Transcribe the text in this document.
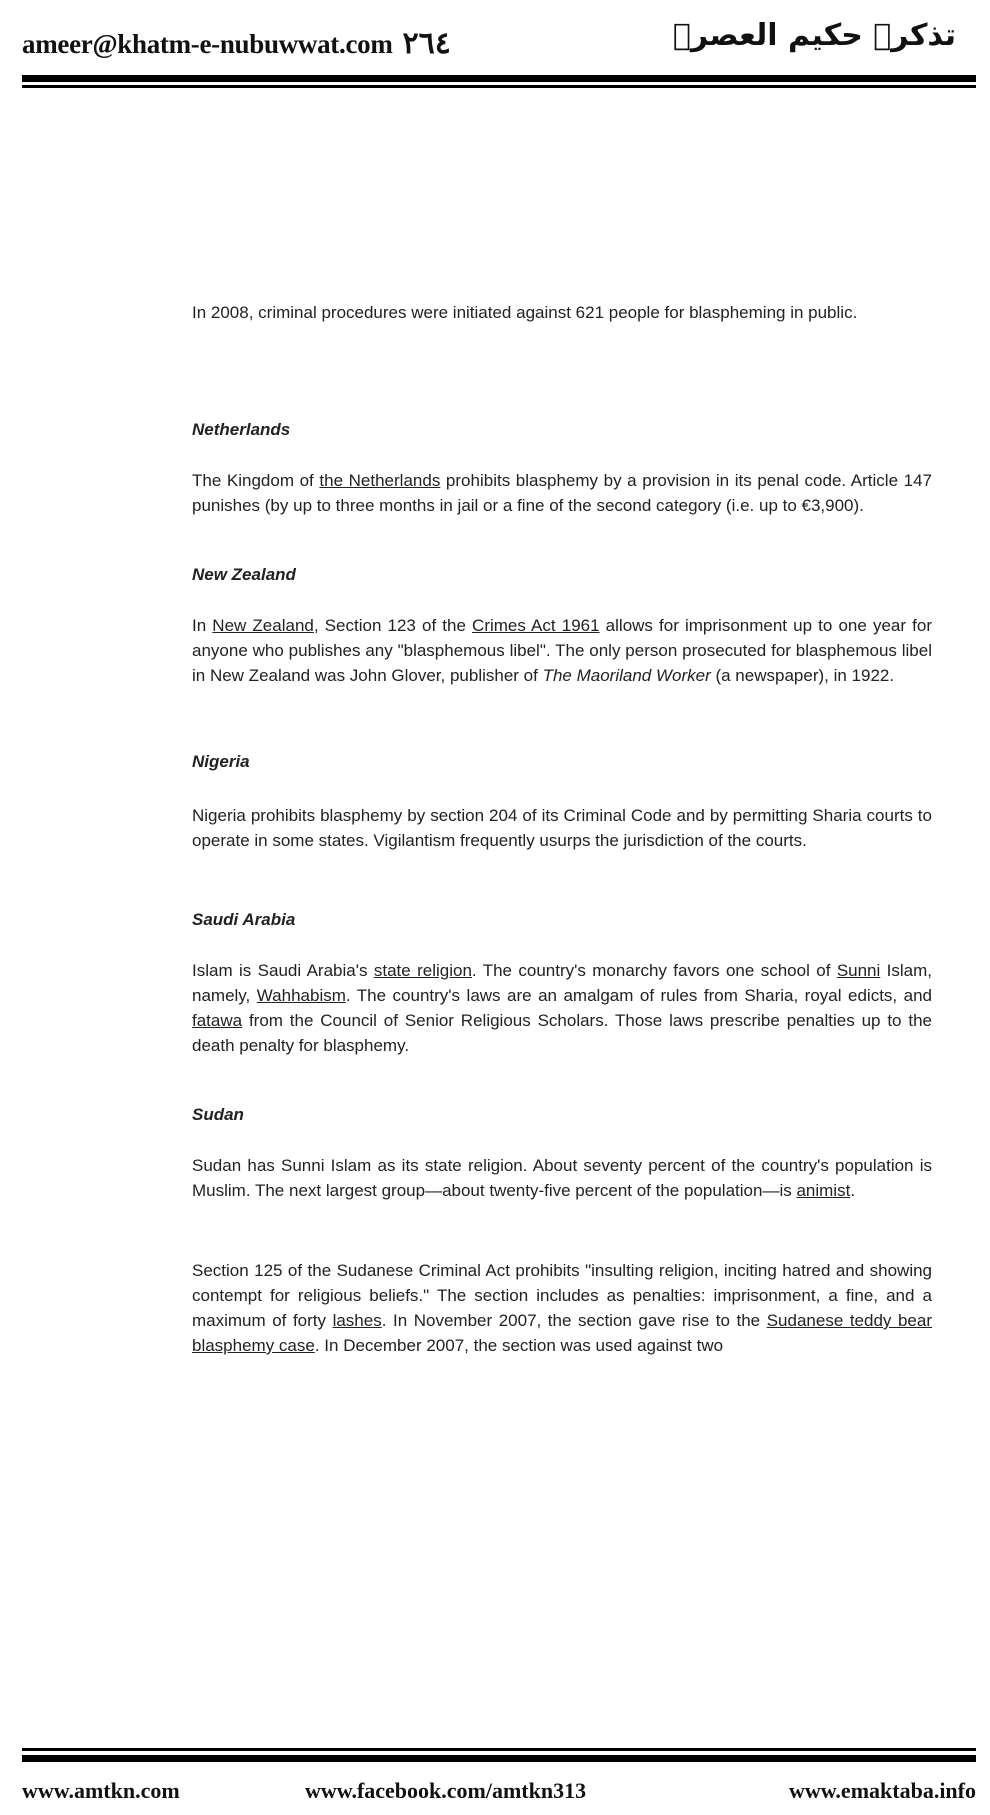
ameer@khatm-e-nubuwwat.com ٢٦٤	تذکرہ حکیم العصرؒ
In 2008, criminal procedures were initiated against 621 people for blaspheming in public.
Netherlands
The Kingdom of the Netherlands prohibits blasphemy by a provision in its penal code. Article 147 punishes (by up to three months in jail or a fine of the second category (i.e. up to €3,900).
New Zealand
In New Zealand, Section 123 of the Crimes Act 1961 allows for imprisonment up to one year for anyone who publishes any "blasphemous libel". The only person prosecuted for blasphemous libel in New Zealand was John Glover, publisher of The Maoriland Worker (a newspaper), in 1922.
Nigeria
Nigeria prohibits blasphemy by section 204 of its Criminal Code and by permitting Sharia courts to operate in some states. Vigilantism frequently usurps the jurisdiction of the courts.
Saudi Arabia
Islam is Saudi Arabia's state religion. The country's monarchy favors one school of Sunni Islam, namely, Wahhabism. The country's laws are an amalgam of rules from Sharia, royal edicts, and fatawa from the Council of Senior Religious Scholars. Those laws prescribe penalties up to the death penalty for blasphemy.
Sudan
Sudan has Sunni Islam as its state religion. About seventy percent of the country's population is Muslim. The next largest group—about twenty-five percent of the population—is animist.
Section 125 of the Sudanese Criminal Act prohibits "insulting religion, inciting hatred and showing contempt for religious beliefs." The section includes as penalties: imprisonment, a fine, and a maximum of forty lashes. In November 2007, the section gave rise to the Sudanese teddy bear blasphemy case. In December 2007, the section was used against two
www.amtkn.com	www.facebook.com/amtkn313	www.emaktaba.info
